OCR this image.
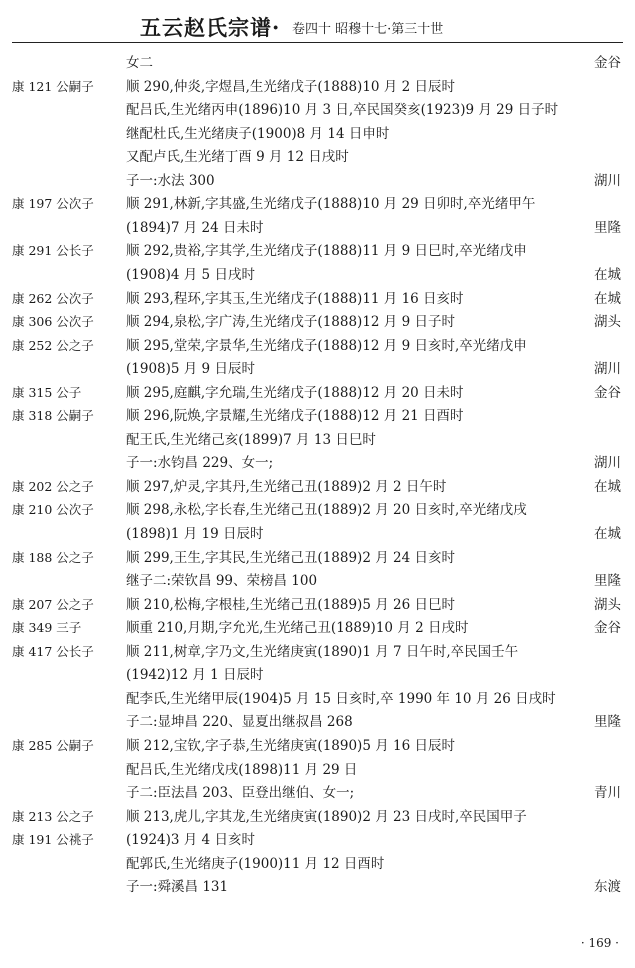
五云赵氏宗谱· 卷四十 昭穆十七·第三十世
女二	金谷
康 121 公嗣子 顺 290,仲炎,字煜昌,生光绪戊子(1888)10 月 2 日辰时
配吕氏,生光绪丙申(1896)10 月 3 日,卒民国癸亥(1923)9 月 29 日子时
继配杜氏,生光绪庚子(1900)8 月 14 日申时
又配卢氏,生光绪丁酉 9 月 12 日戌时
子一:水法 300	湖川
康 197 公次子 顺 291,林新,字其盛,生光绪戊子(1888)10 月 29 日卯时,卒光绪甲午
(1894)7 月 24 日未时	里隆
康 291 公长子 顺 292,贵裕,字其学,生光绪戊子(1888)11 月 9 日巳时,卒光绪戊申
(1908)4 月 5 日戌时	在城
康 262 公次子 顺 293,程环,字其玉,生光绪戊子(1888)11 月 16 日亥时	在城
康 306 公次子 顺 294,泉松,字广涛,生光绪戊子(1888)12 月 9 日子时	湖头
康 252 公之子 顺 295,堂荣,字景华,生光绪戊子(1888)12 月 9 日亥时,卒光绪戊申
(1908)5 月 9 日辰时	湖川
康 315 公子	顺 295,庭麒,字允瑞,生光绪戊子(1888)12 月 20 日未时	金谷
康 318 公嗣子 顺 296,阮焕,字景耀,生光绪戊子(1888)12 月 21 日酉时
配王氏,生光绪己亥(1899)7 月 13 日巳时
子一:水钧昌 229、女一;	湖川
康 202 公之子 顺 297,炉灵,字其丹,生光绪己丑(1889)2 月 2 日午时	在城
康 210 公次子 顺 298,永松,字长春,生光绪己丑(1889)2 月 20 日亥时,卒光绪戊戌
(1898)1 月 19 日辰时	在城
康 188 公之子 顺 299,王生,字其民,生光绪己丑(1889)2 月 24 日亥时
继子二:荣钦昌 99、荣榜昌 100	里隆
康 207 公之子 顺 210,松梅,字根桂,生光绪己丑(1889)5 月 26 日巳时	湖头
康 349 三子	顺重 210,月期,字允光,生光绪己丑(1889)10 月 2 日戌时	金谷
康 417 公长子 顺 211,树章,字乃文,生光绪庚寅(1890)1 月 7 日午时,卒民国壬午
(1942)12 月 1 日辰时
配李氏,生光绪甲辰(1904)5 月 15 日亥时,卒 1990 年 10 月 26 日戌时
子二:显坤昌 220、显夏出继叔昌 268	里隆
康 285 公嗣子 顺 212,宝钦,字子恭,生光绪庚寅(1890)5 月 16 日辰时
配吕氏,生光绪戊戌(1898)11 月 29 日
子二:臣法昌 203、臣登出继伯、女一;	青川
康 213 公之子 顺 213,虎儿,字其龙,生光绪庚寅(1890)2 月 23 日戌时,卒民国甲子
康 191 公祧子 (1924)3 月 4 日亥时
配郭氏,生光绪庚子(1900)11 月 12 日酉时
子一:舜溪昌 131	东渡
· 169 ·
